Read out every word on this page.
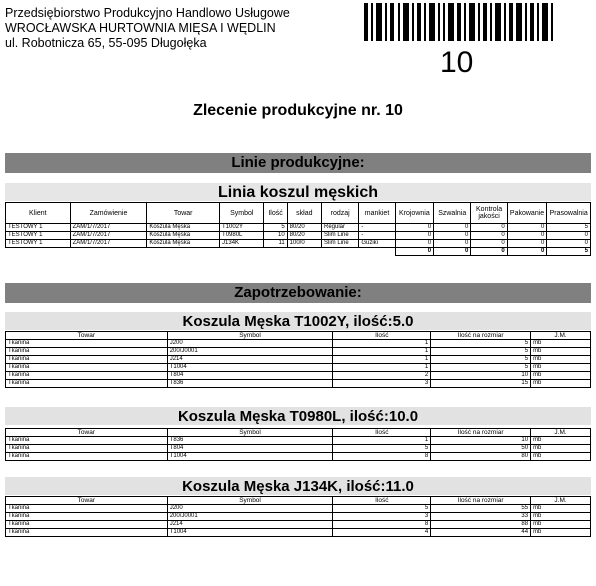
Przedsiębiorstwo Produkcyjno Handlowo Usługowe
WROCŁAWSKA HURTOWNIA MIĘSA I WĘDLIN
ul. Robotnicza 65, 55-095 Długołęka
10
Zlecenie produkcyjne nr. 10
Linie produkcyjne:
Linia koszul męskich
Klient	Zamówienie	Towar	Symbol	Ilość	skład	rodzaj	mankiet	Krojownia	Szwalnia	Kontrola jakości	Pakowanie	Prasowalnia
TESTOWY 1	ZAM/1/7/2017	Koszula Męska	T1002Y	5	80/20	Regular	-	0	0	0	0	5
TESTOWY 1	ZAM/1/7/2017	Koszula Męska	T0980L	10	80/20	Slim Line	-	0	0	0	0	0
TESTOWY 1	ZAM/1/7/2017	Koszula Męska	J134K	11	100/0	Slim Line	Guziki	0	0	0	0	0
								0	0	0	0	5
Zapotrzebowanie:
Koszula Męska T1002Y, ilość:5.0
Towar	Symbol	Ilość	Ilość na rozmiar	J.M.
Tkanina	J200	1	5	mb
Tkanina	200/J0001	1	5	mb
Tkanina	J214	1	5	mb
Tkanina	T1004	1	5	mb
Tkanina	T804	2	10	mb
Tkanina	T836	3	15	mb
Koszula Męska T0980L, ilość:10.0
Towar	Symbol	Ilość	Ilość na rozmiar	J.M.
Tkanina	T836	1	10	mb
Tkanina	T804	5	50	mb
Tkanina	T1004	8	80	mb
Koszula Męska J134K, ilość:11.0
Towar	Symbol	Ilość	Ilość na rozmiar	J.M.
Tkanina	J200	5	55	mb
Tkanina	200/J0001	3	33	mb
Tkanina	J214	8	88	mb
Tkanina	T1004	4	44	mb
